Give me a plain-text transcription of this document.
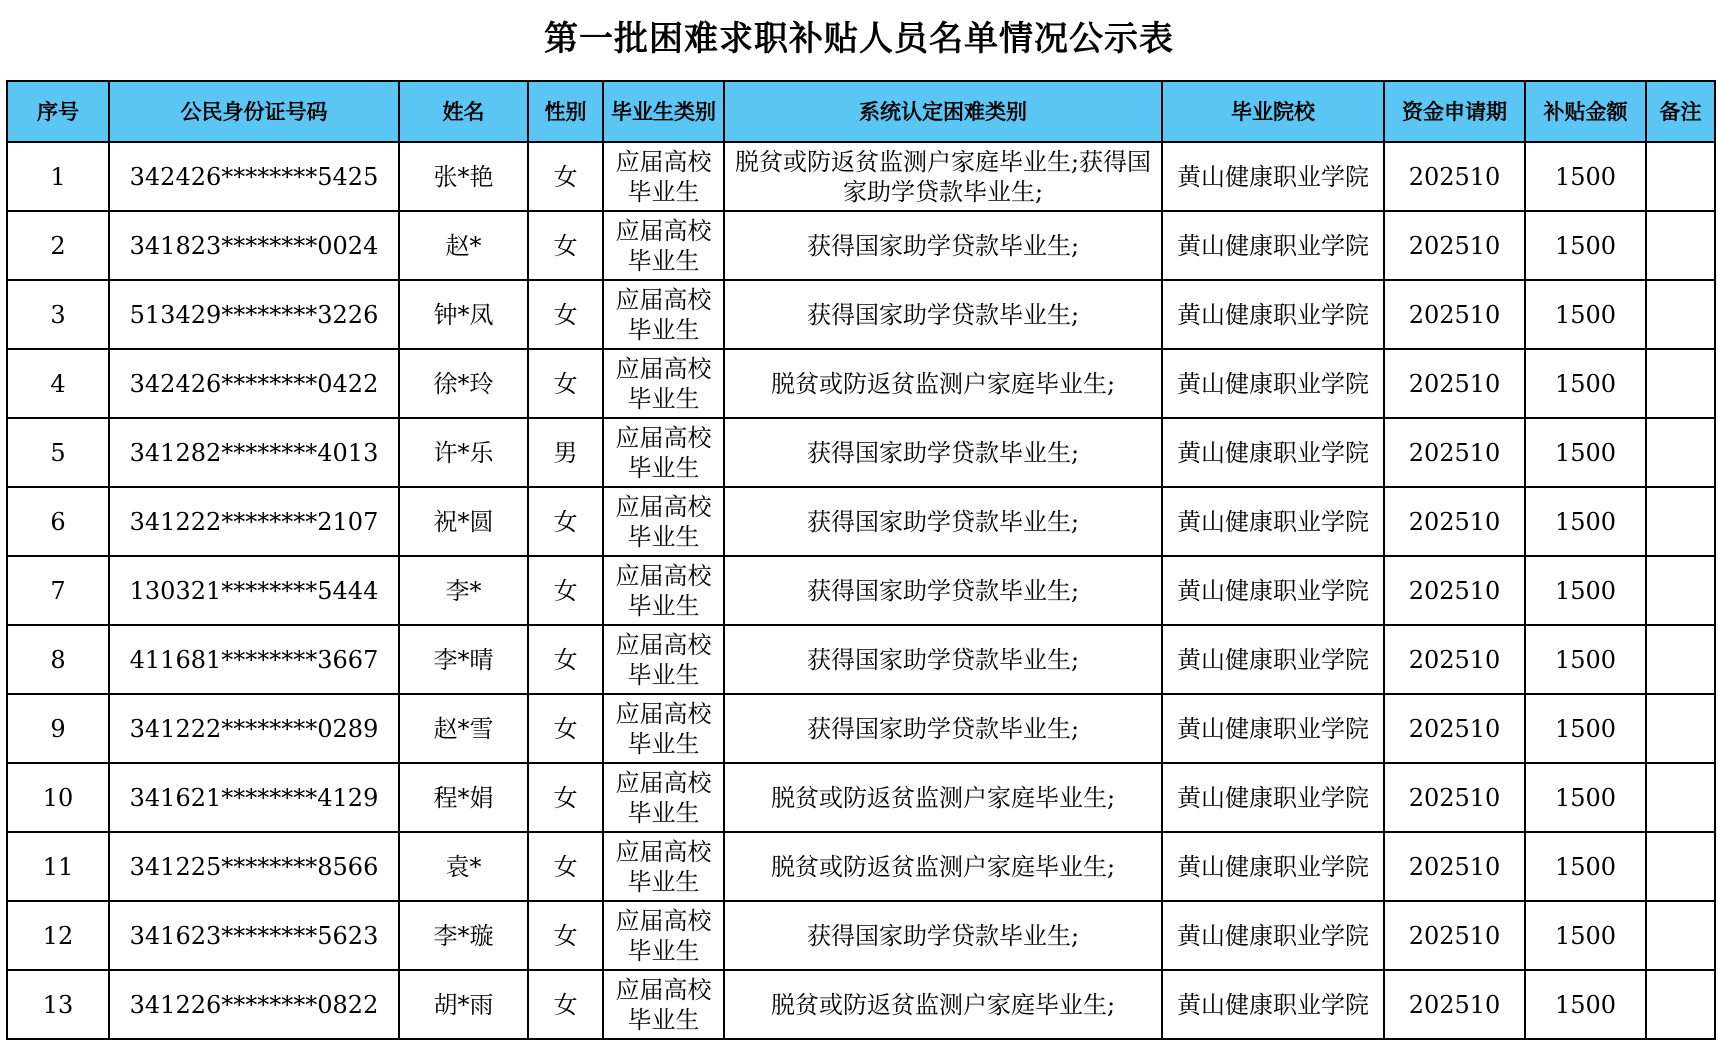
第一批困难求职补贴人员名单情况公示表
序号	公民身份证号码	姓名	性别	毕业生类别	系统认定困难类别	毕业院校	资金申请期	补贴金额	备注
1	342426********5425	张*艳	女	应届高校毕业生	脱贫或防返贫监测户家庭毕业生;获得国家助学贷款毕业生;	黄山健康职业学院	202510	1500	
2	341823********0024	赵*	女	应届高校毕业生	获得国家助学贷款毕业生;	黄山健康职业学院	202510	1500	
3	513429********3226	钟*凤	女	应届高校毕业生	获得国家助学贷款毕业生;	黄山健康职业学院	202510	1500	
4	342426********0422	徐*玲	女	应届高校毕业生	脱贫或防返贫监测户家庭毕业生;	黄山健康职业学院	202510	1500	
5	341282********4013	许*乐	男	应届高校毕业生	获得国家助学贷款毕业生;	黄山健康职业学院	202510	1500	
6	341222********2107	祝*圆	女	应届高校毕业生	获得国家助学贷款毕业生;	黄山健康职业学院	202510	1500	
7	130321********5444	李*	女	应届高校毕业生	获得国家助学贷款毕业生;	黄山健康职业学院	202510	1500	
8	411681********3667	李*晴	女	应届高校毕业生	获得国家助学贷款毕业生;	黄山健康职业学院	202510	1500	
9	341222********0289	赵*雪	女	应届高校毕业生	获得国家助学贷款毕业生;	黄山健康职业学院	202510	1500	
10	341621********4129	程*娟	女	应届高校毕业生	脱贫或防返贫监测户家庭毕业生;	黄山健康职业学院	202510	1500	
11	341225********8566	袁*	女	应届高校毕业生	脱贫或防返贫监测户家庭毕业生;	黄山健康职业学院	202510	1500	
12	341623********5623	李*璇	女	应届高校毕业生	获得国家助学贷款毕业生;	黄山健康职业学院	202510	1500	
13	341226********0822	胡*雨	女	应届高校毕业生	脱贫或防返贫监测户家庭毕业生;	黄山健康职业学院	202510	1500	
